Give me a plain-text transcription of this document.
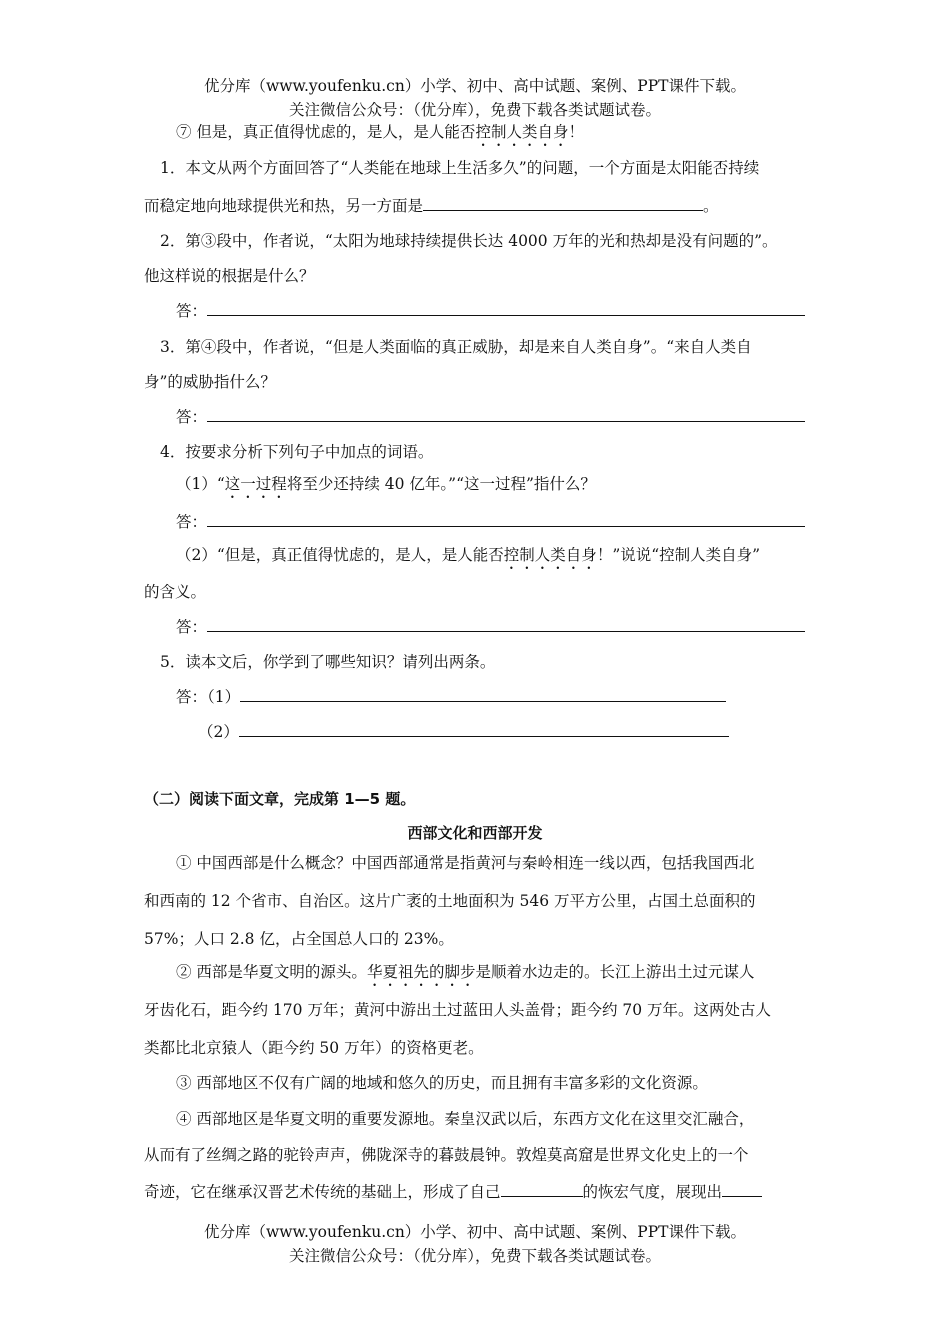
优分库（www.youfenku.cn）小学、初中、高中试题、案例、PPT课件下载。
关注微信公众号：（优分库），免费下载各类试题试卷。
⑦ 但是，真正值得忧虑的，是人，是人能否控制人类自身！
1．本文从两个方面回答了“人类能在地球上生活多久”的问题，一个方面是太阳能否持续
而稳定地向地球提供光和热，另一方面是	。
2．第③段中，作者说，“太阳为地球持续提供长达 4000 万年的光和热却是没有问题的”。
他这样说的根据是什么？
答：
3．第④段中，作者说，“但是人类面临的真正威胁，却是来自人类自身”。“来自人类自
身”的威胁指什么？
答：
4．按要求分析下列句子中加点的词语。
（1）“这一过程将至少还持续 40 亿年。”“这一过程”指什么？
答：
（2）“但是，真正值得忧虑的，是人，是人能否控制人类自身！”说说“控制人类自身”
的含义。
答：
5．读本文后，你学到了哪些知识？请列出两条。
答：（1）
（2）
（二）阅读下面文章，完成第 1—5 题。
西部文化和西部开发
① 中国西部是什么概念？中国西部通常是指黄河与秦岭相连一线以西，包括我国西北
和西南的 12 个省市、自治区。这片广袤的土地面积为 546 万平方公里，占国土总面积的
57%；人口 2.8 亿，占全国总人口的 23%。
② 西部是华夏文明的源头。华夏祖先的脚步是顺着水边走的。长江上游出土过元谋人
牙齿化石，距今约 170 万年；黄河中游出土过蓝田人头盖骨；距今约 70 万年。这两处古人
类都比北京猿人（距今约 50 万年）的资格更老。
③ 西部地区不仅有广阔的地域和悠久的历史，而且拥有丰富多彩的文化资源。
④ 西部地区是华夏文明的重要发源地。秦皇汉武以后，东西方文化在这里交汇融合，
从而有了丝绸之路的驼铃声声，佛陇深寺的暮鼓晨钟。敦煌莫高窟是世界文化史上的一个
奇迹，它在继承汉晋艺术传统的基础上，形成了自己	的恢宏气度，展现出
优分库（www.youfenku.cn）小学、初中、高中试题、案例、PPT课件下载。
关注微信公众号：（优分库），免费下载各类试题试卷。
